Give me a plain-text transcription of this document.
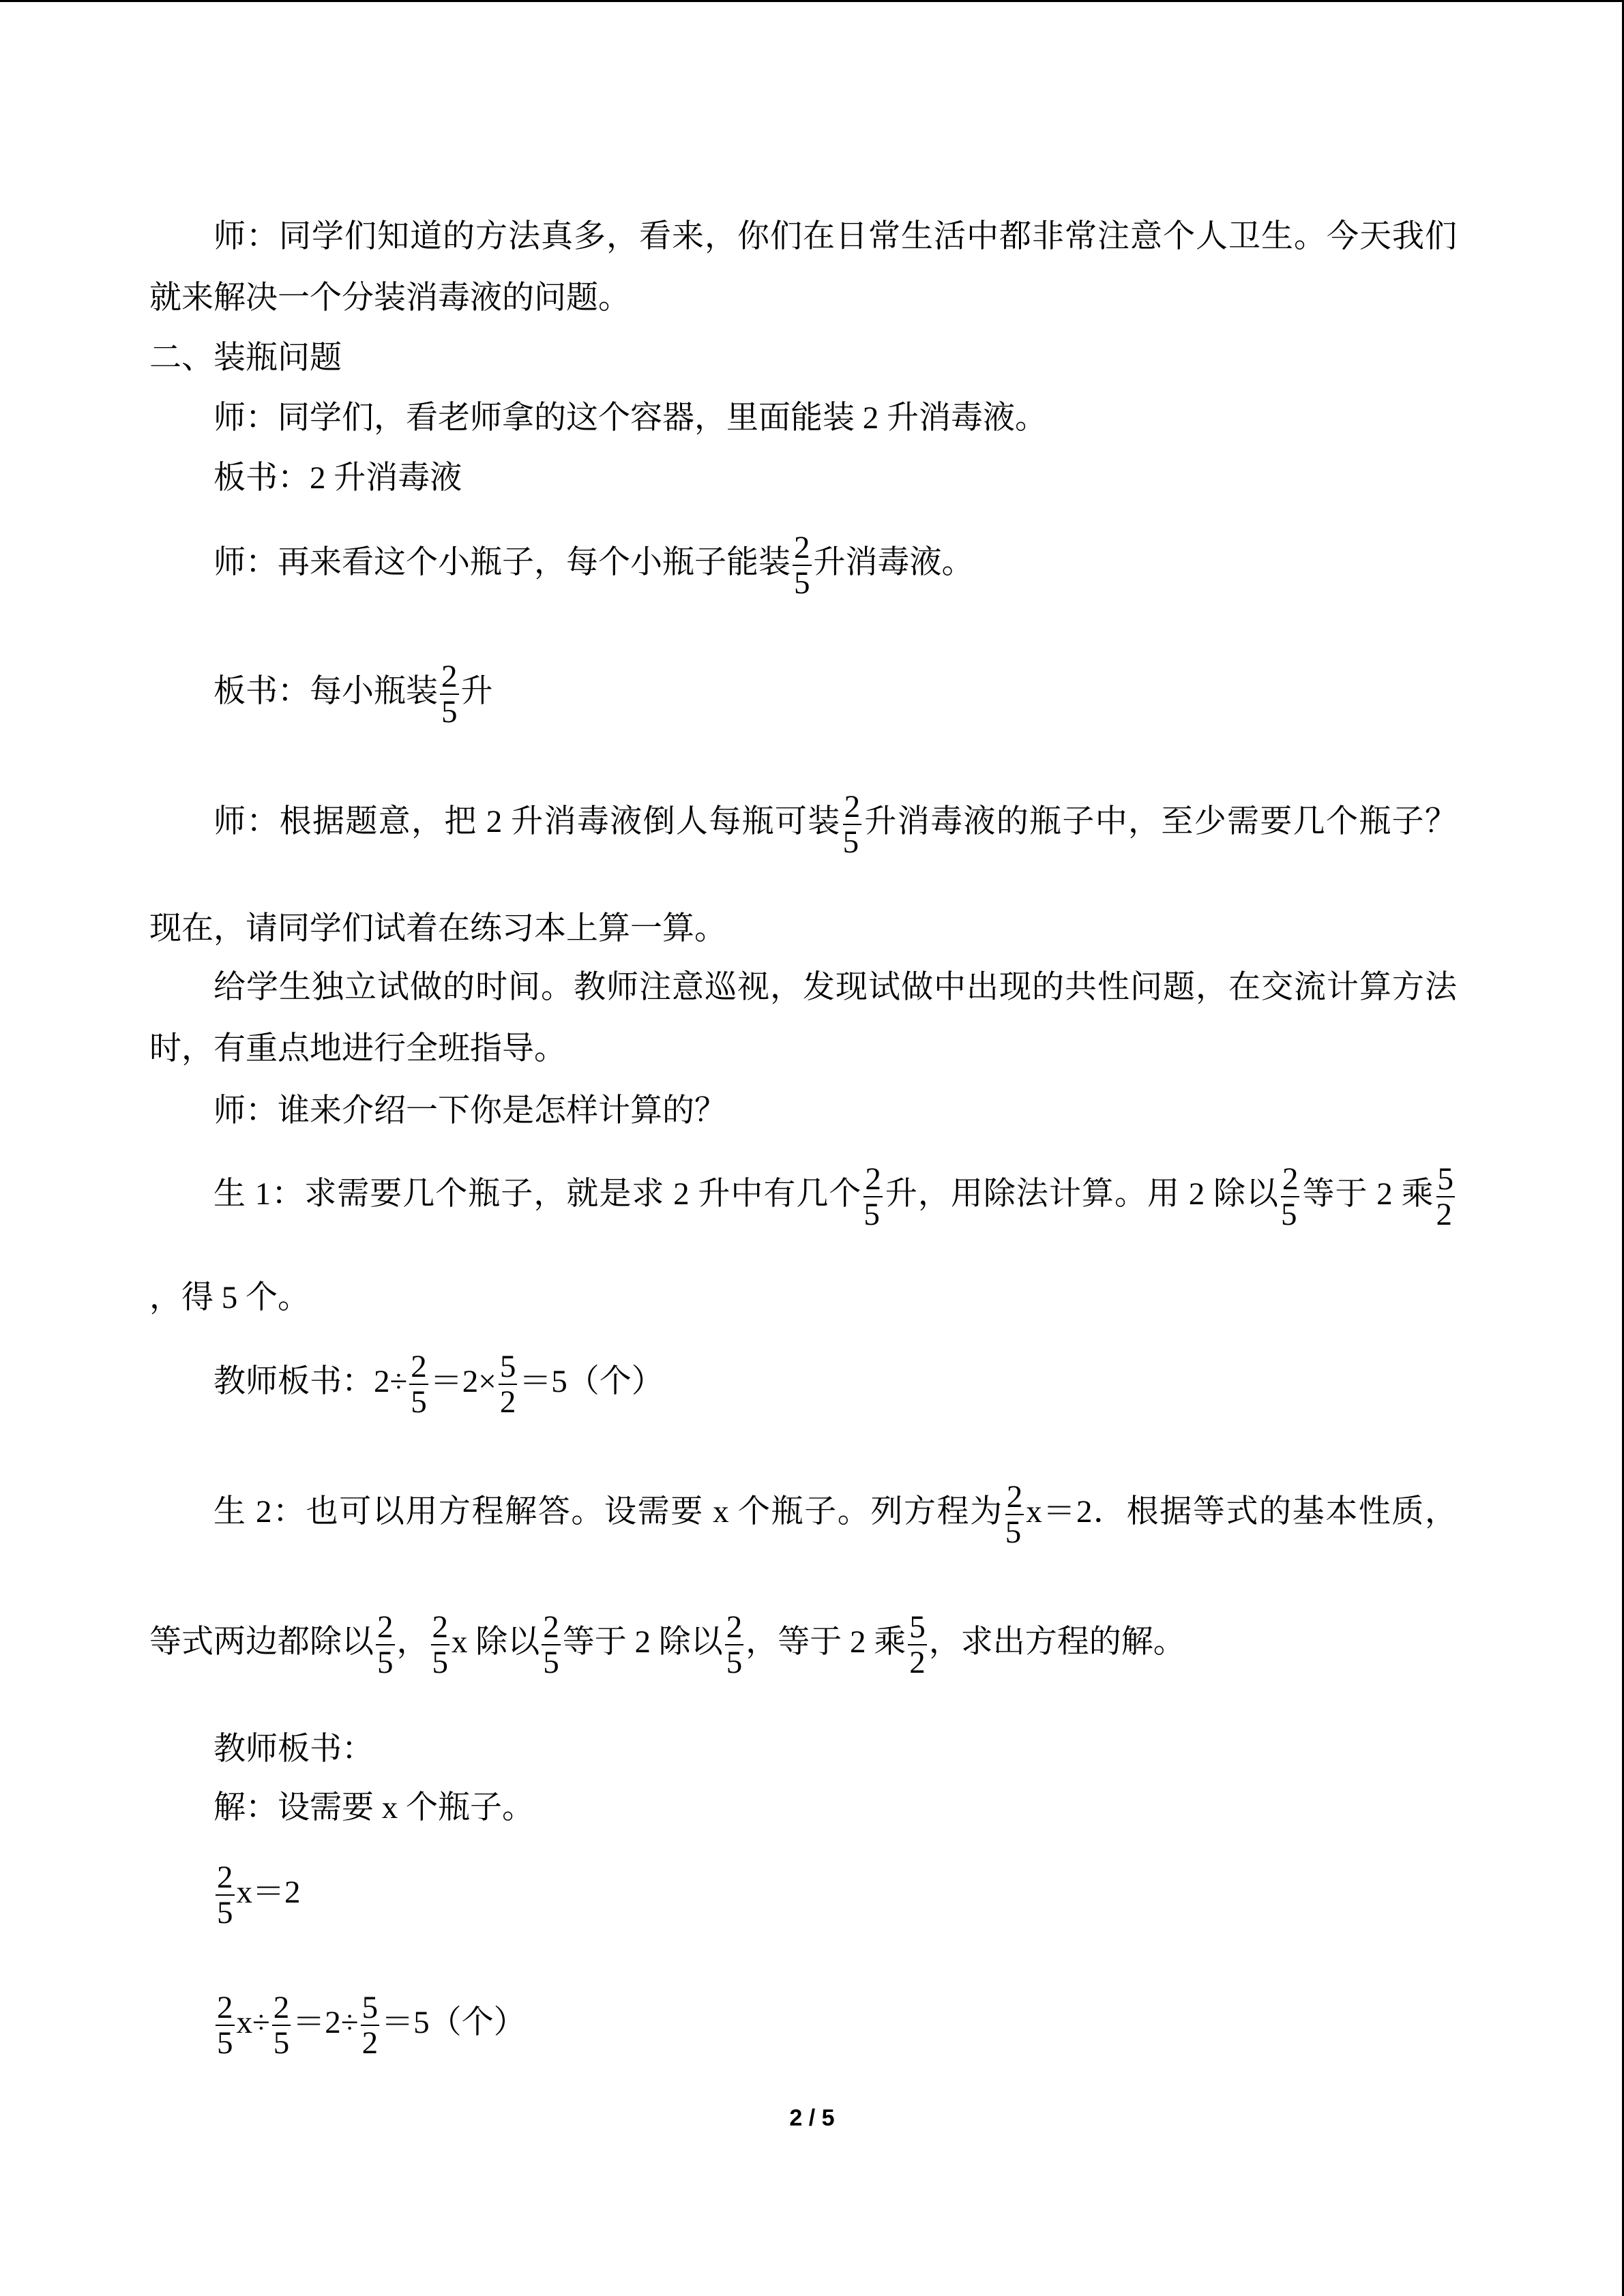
师：同学们知道的方法真多，看来，你们在日常生活中都非常注意个人卫生。今天我们
就来解决一个分装消毒液的问题。
二、装瓶问题
师：同学们，看老师拿的这个容器，里面能装 2 升消毒液。
板书：2 升消毒液
师：再来看这个小瓶子，每个小瓶子能装 $\frac{2}{5}$ 升消毒液。
板书：每小瓶装 $\frac{2}{5}$ 升
师：根据题意，把 2 升消毒液倒人每瓶可装 $\frac{2}{5}$ 升消毒液的瓶子中，至少需要几个瓶子？
现在，请同学们试着在练习本上算一算。
给学生独立试做的时间。教师注意巡视，发现试做中出现的共性问题，在交流计算方法
时，有重点地进行全班指导。
师：谁来介绍一下你是怎样计算的？
生 1：求需要几个瓶子，就是求 2 升中有几个 $\frac{2}{5}$ 升，用除法计算。用 2 除以 $\frac{2}{5}$ 等于 2 乘 $\frac{5}{2}$
，得 5 个。
教师板书：$2\div \frac{2}{5} =2\times \frac{5}{2} =5$（个）
生 2：也可以用方程解答。设需要 x 个瓶子。列方程为 $\frac{2}{5} x=2$．根据等式的基本性质，
等式两边都除以 $\frac{2}{5}$ ， $\frac{2}{5}$ x 除以 $\frac{2}{5}$ 等于 2 除以 $\frac{2}{5}$ ，等于 2 乘 $\frac{5}{2}$ ，求出方程的解。
教师板书：
解：设需要 x 个瓶子。
$\frac{2}{5} x=2$
$\frac{2}{5} x\div \frac{2}{5} =2\div \frac{5}{2} =5$（个）
2 / 5
